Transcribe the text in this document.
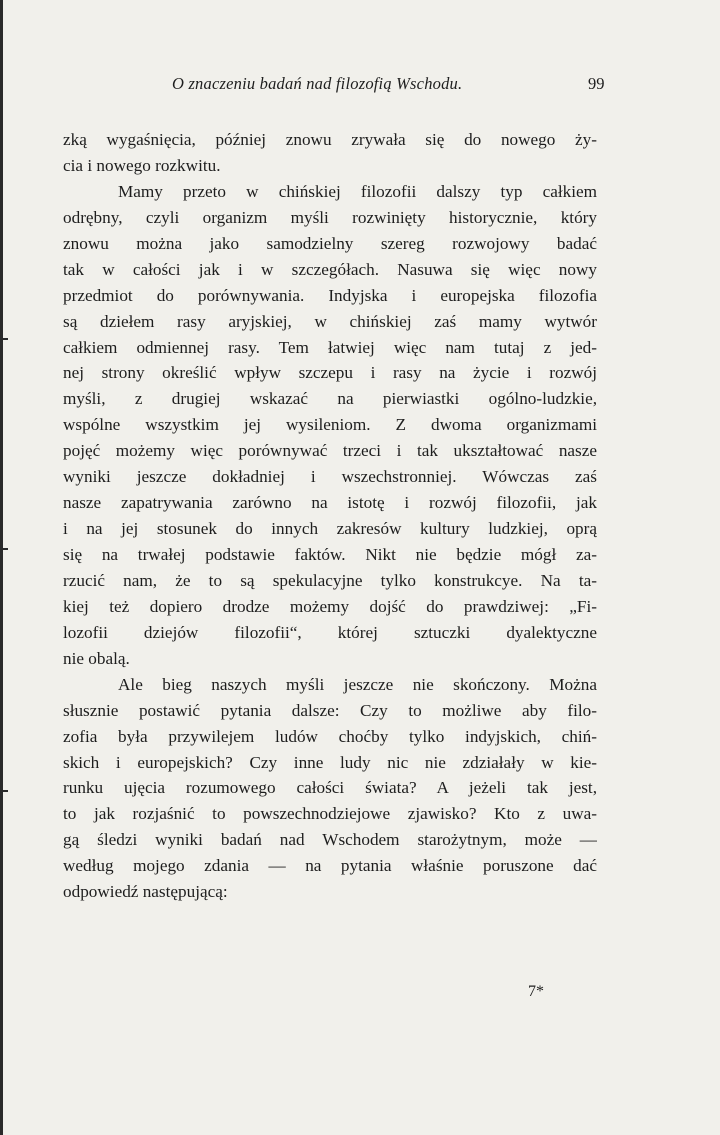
O znaczeniu badań nad filozofią Wschodu.	99
zką wygaśnięcia, później znowu zrywała się do nowego ży-
cia i nowego rozkwitu.
Mamy przeto w chińskiej filozofii dalszy typ całkiem
odrębny, czyli organizm myśli rozwinięty historycznie, który
znowu można jako samodzielny szereg rozwojowy badać
tak w całości jak i w szczegółach. Nasuwa się więc nowy
przedmiot do porównywania. Indyjska i europejska filozofia
są dziełem rasy aryjskiej, w chińskiej zaś mamy wytwór
całkiem odmiennej rasy. Tem łatwiej więc nam tutaj z jed-
nej strony określić wpływ szczepu i rasy na życie i rozwój
myśli, z drugiej wskazać na pierwiastki ogólno-ludzkie,
wspólne wszystkim jej wysileniom. Z dwoma organizmami
pojęć możemy więc porównywać trzeci i tak ukształtować nasze
wyniki jeszcze dokładniej i wszechstronniej. Wówczas zaś
nasze zapatrywania zarówno na istotę i rozwój filozofii, jak
i na jej stosunek do innych zakresów kultury ludzkiej, oprą
się na trwałej podstawie faktów. Nikt nie będzie mógł za-
rzucić nam, że to są spekulacyjne tylko konstrukcye. Na ta-
kiej też dopiero drodze możemy dojść do prawdziwej: „Fi-
lozofii dziejów filozofii“, której sztuczki dyalektyczne
nie obalą.
Ale bieg naszych myśli jeszcze nie skończony. Można
słusznie postawić pytania dalsze: Czy to możliwe aby filo-
zofia była przywilejem ludów choćby tylko indyjskich, chiń-
skich i europejskich? Czy inne ludy nic nie zdziałały w kie-
runku ujęcia rozumowego całości świata? A jeżeli tak jest,
to jak rozjaśnić to powszechnodziejowe zjawisko? Kto z uwa-
gą śledzi wyniki badań nad Wschodem starożytnym, może —
według mojego zdania — na pytania właśnie poruszone dać
odpowiedź następującą:
7*
